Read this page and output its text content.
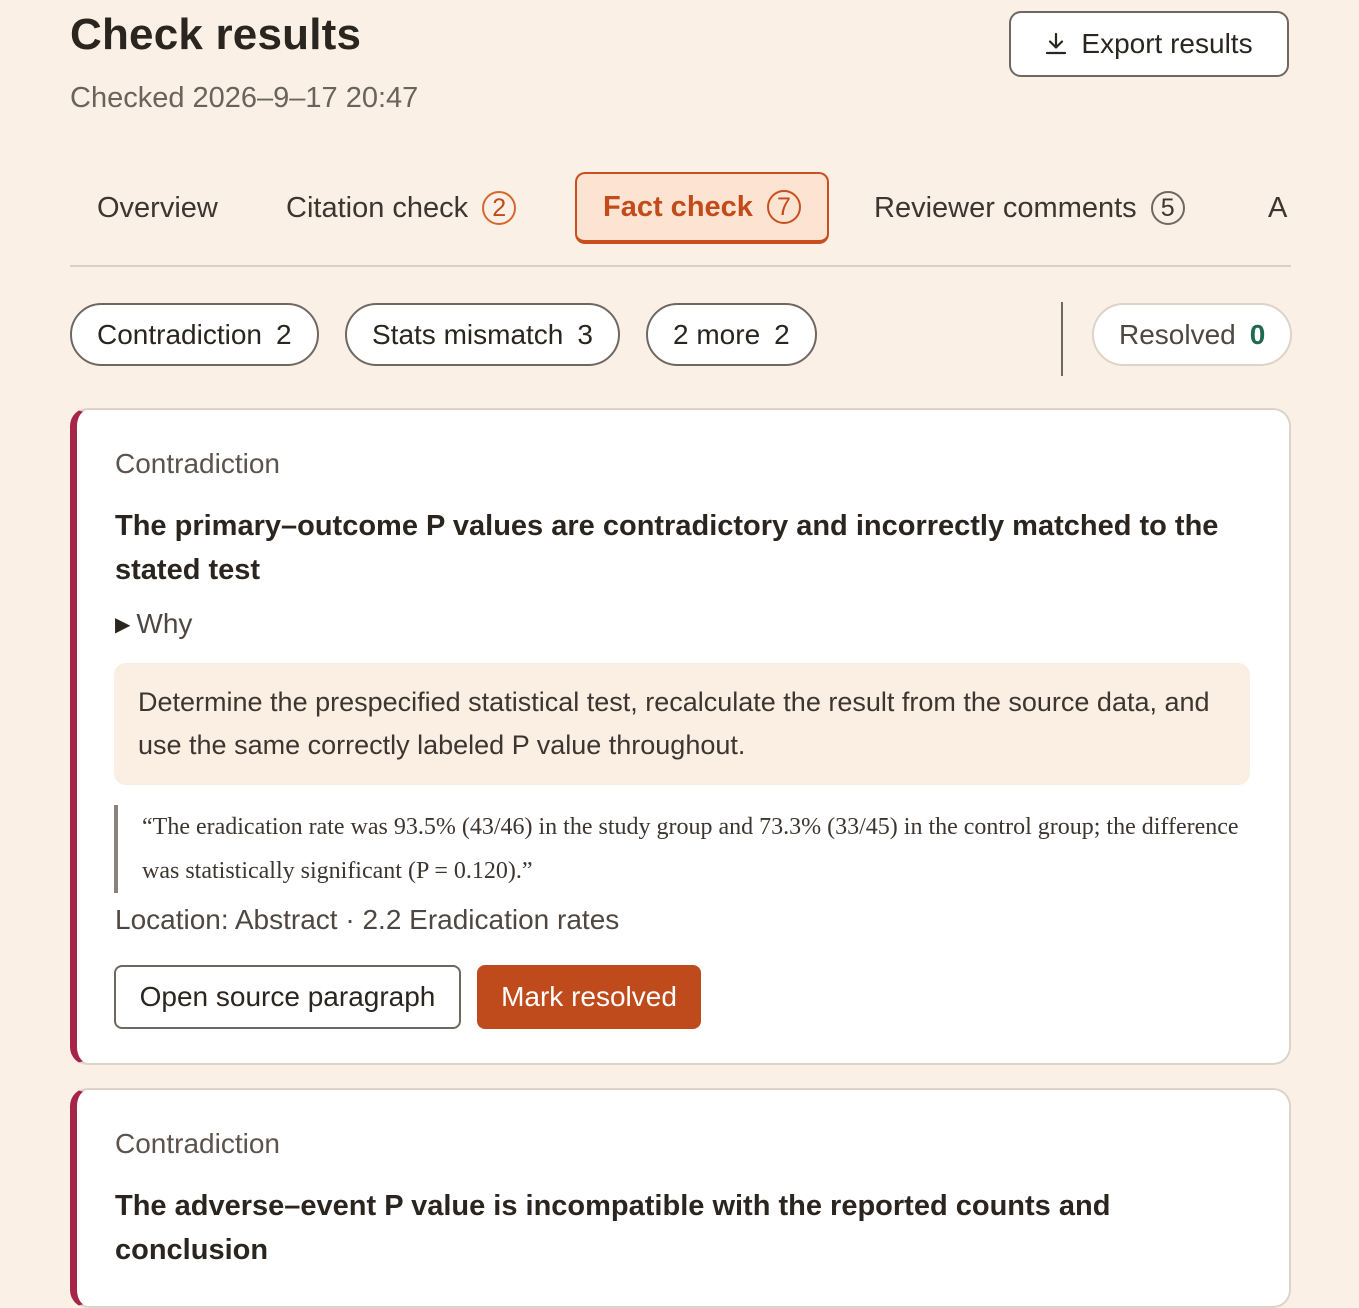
Check results
Checked 2026–9–17 20:47
Export results
Overview Citation check 2	Fact check 7	Reviewer comments 5	A
Contradiction 2	Stats mismatch 3	2 more 2	Resolved 0
Contradiction
The primary–outcome P values are contradictory and incorrectly matched to the stated test
▶ Why
Determine the prespecified statistical test, recalculate the result from the source data, and use the same correctly labeled P value throughout.
“The eradication rate was 93.5% (43/46) in the study group and 73.3% (33/45) in the control group; the difference was statistically significant (P = 0.120).”
Location: Abstract · 2.2 Eradication rates
Open source paragraph	Mark resolved
Contradiction
The adverse–event P value is incompatible with the reported counts and conclusion
